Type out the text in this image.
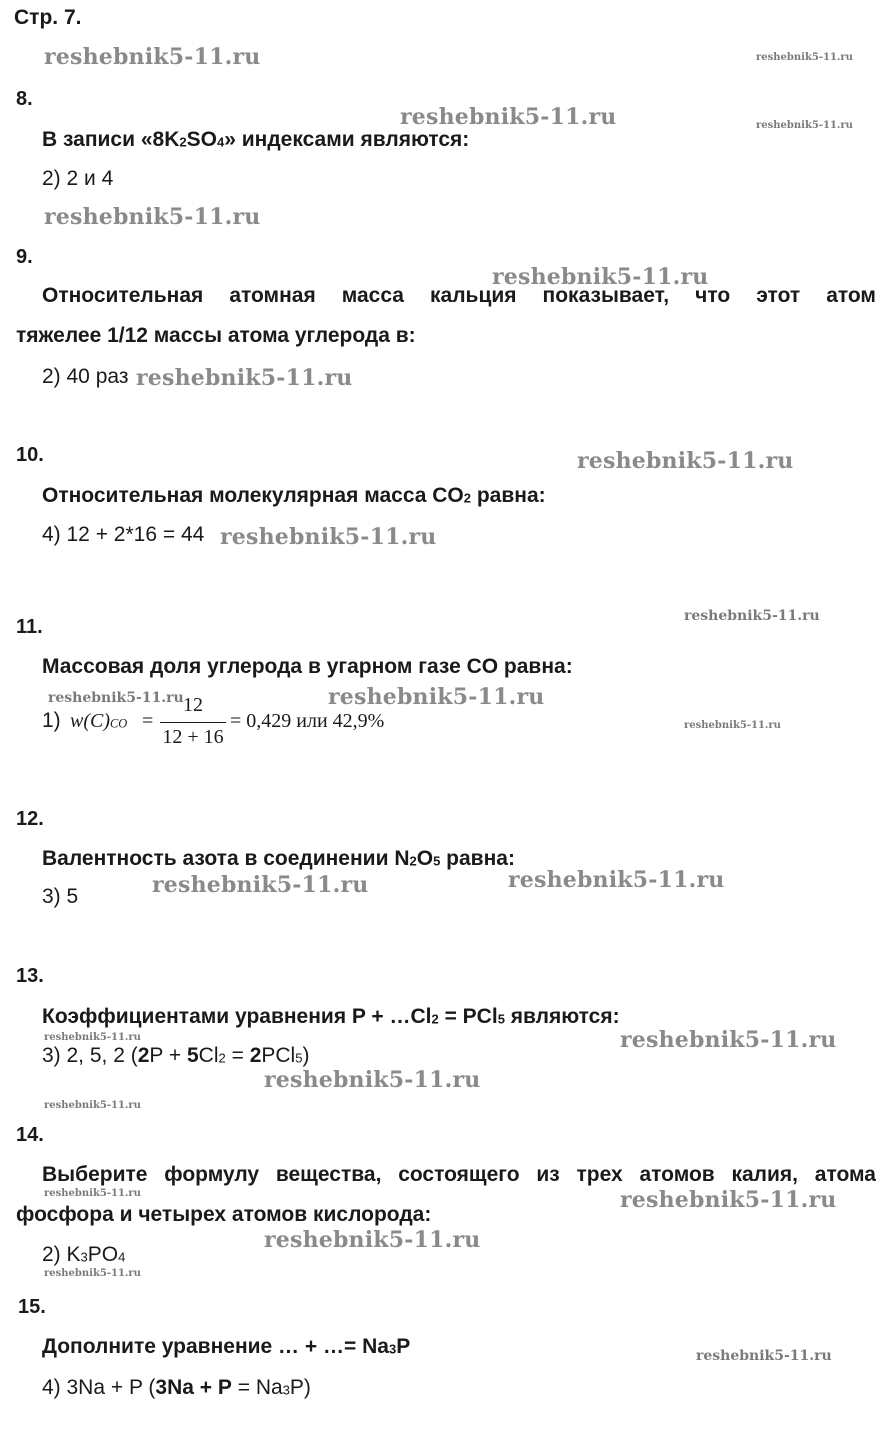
Стр. 7.
reshebnik5-11.ru
reshebnik5-11.ru
reshebnik5-11.ru
reshebnik5-11.ru
reshebnik5-11.ru
reshebnik5-11.ru
reshebnik5-11.ru
reshebnik5-11.ru
reshebnik5-11.ru	reshebnik5-11.ru
reshebnik5-11.ru
reshebnik5-11.ru
reshebnik5-11.ru
reshebnik5-11.ru
reshebnik5-11.ru
reshebnik5-11.ru
reshebnik5-11.ru
reshebnik5-11.ru
reshebnik5-11.ru
reshebnik5-11.ru
reshebnik5-11.ru
reshebnik5-11.ru
reshebnik5-11.ru
reshebnik5-11.ru
8.
В записи «$8K_2SO_4$» индексами являются:
2) 2 и 4
9.
Относительная атомная масса кальция показывает, что этот атом
тяжелее 1/12 массы атома углерода в:
2) 40 раз
10.
Относительная молекулярная масса $CO_2$ равна:
4) 12 + 2*16 = 44
11.
Массовая доля углерода в угарном газе CO равна:
1) $w(C)_{CO}$ =
12
12 + 16
= 0,429 или 42,9%
12.
Валентность азота в соединении $N_2O_5$ равна:
3) 5
13.
Коэффициентами уравнения $P + \dots Cl_2 = PCl_5$ являются:
3) 2, 5, 2 $(2P + 5Cl_2 = 2PCl_5)$
14.
Выберите формулу вещества, состоящего из трех атомов калия, атома
фосфора и четырех атомов кислорода:
2) $K_3PO_4$
15.
Дополните уравнение … + …= $Na_3P$
4) 3Na + P $(3Na + P = Na_3P)$
